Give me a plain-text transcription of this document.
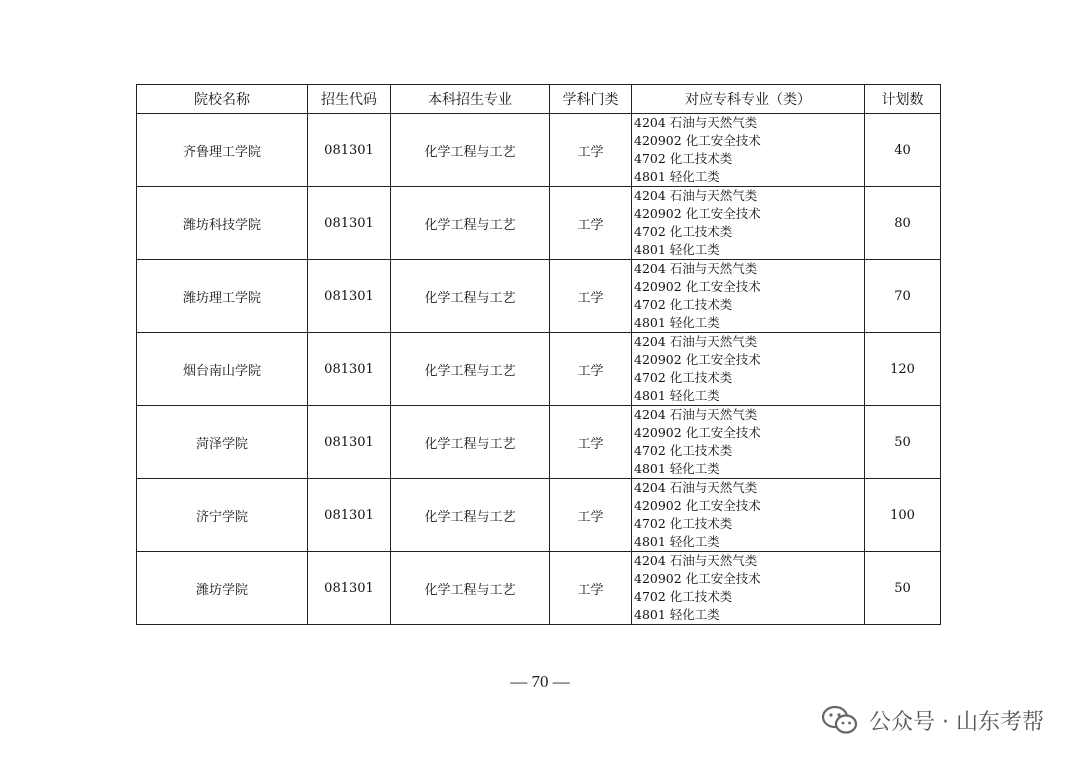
院校名称	招生代码	本科招生专业	学科门类	对应专科专业（类）	计划数
齐鲁理工学院	081301	化学工程与工艺	工学	4204 石油与天然气类
420902 化工安全技术
4702 化工技术类
4801 轻化工类	40
潍坊科技学院	081301	化学工程与工艺	工学	4204 石油与天然气类
420902 化工安全技术
4702 化工技术类
4801 轻化工类	80
潍坊理工学院	081301	化学工程与工艺	工学	4204 石油与天然气类
420902 化工安全技术
4702 化工技术类
4801 轻化工类	70
烟台南山学院	081301	化学工程与工艺	工学	4204 石油与天然气类
420902 化工安全技术
4702 化工技术类
4801 轻化工类	120
菏泽学院	081301	化学工程与工艺	工学	4204 石油与天然气类
420902 化工安全技术
4702 化工技术类
4801 轻化工类	50
济宁学院	081301	化学工程与工艺	工学	4204 石油与天然气类
420902 化工安全技术
4702 化工技术类
4801 轻化工类	100
潍坊学院	081301	化学工程与工艺	工学	4204 石油与天然气类
420902 化工安全技术
4702 化工技术类
4801 轻化工类	50
— 70 —
公众号 · 山东考帮
